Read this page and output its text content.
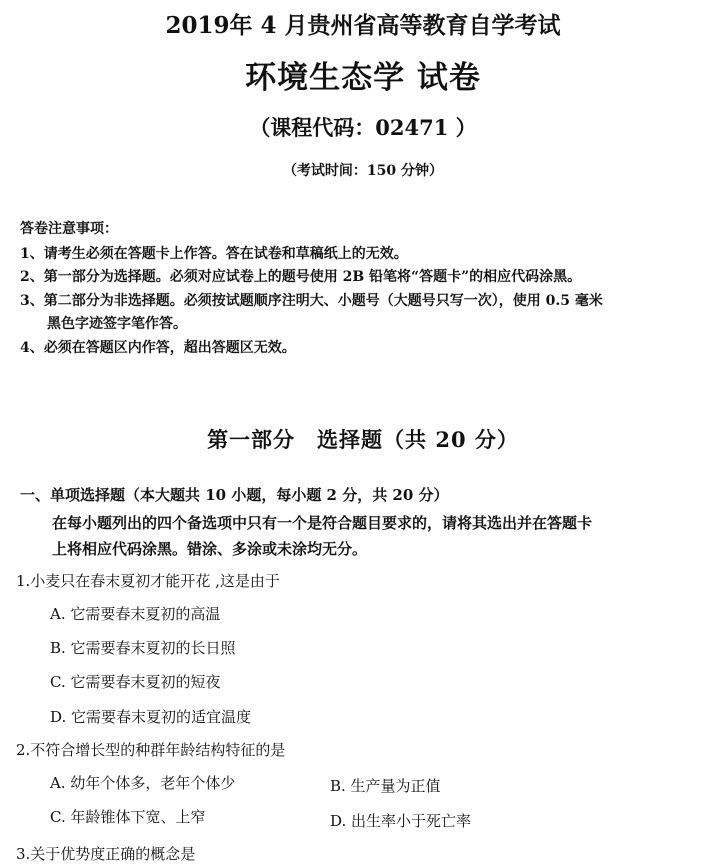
2019年 4 月贵州省高等教育自学考试
环境生态学 试卷
（课程代码：02471 ）
（考试时间：150 分钟）
答卷注意事项：
1、请考生必须在答题卡上作答。答在试卷和草稿纸上的无效。
2、第一部分为选择题。必须对应试卷上的题号使用 2B 铅笔将“答题卡”的相应代码涂黑。
3、第二部分为非选择题。必须按试题顺序注明大、小题号（大题号只写一次），使用 0.5 毫米
黑色字迹签字笔作答。
4、必须在答题区内作答，超出答题区无效。
第一部分　选择题（共 20 分）
一、单项选择题（本大题共 10 小题，每小题 2 分，共 20 分）
在每小题列出的四个备选项中只有一个是符合题目要求的，请将其选出并在答题卡
上将相应代码涂黑。错涂、多涂或未涂均无分。
1.小麦只在春末夏初才能开花 ,这是由于
A. 它需要春末夏初的高温
B. 它需要春末夏初的长日照
C. 它需要春末夏初的短夜
D. 它需要春末夏初的适宜温度
2.不符合增长型的种群年龄结构特征的是
A. 幼年个体多，老年个体少	B. 生产量为正值
C. 年龄锥体下宽、上窄	D. 出生率小于死亡率
3.关于优势度正确的概念是
